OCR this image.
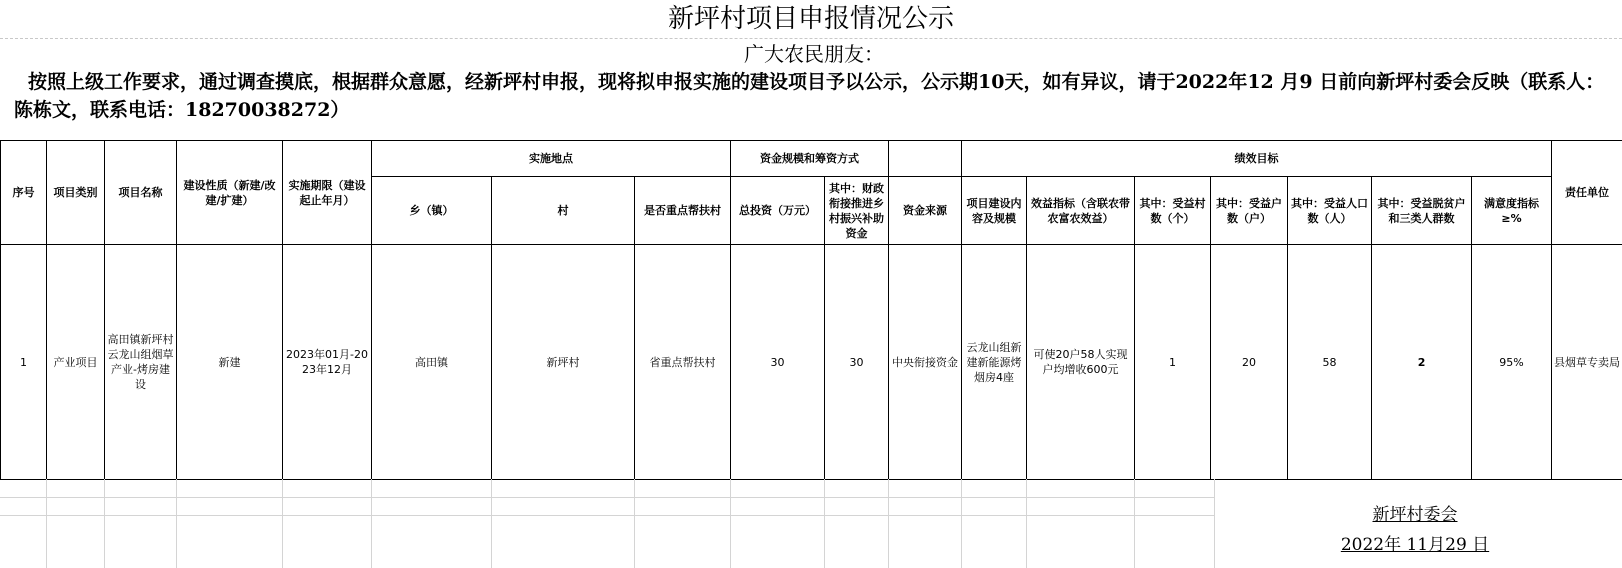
新坪村项目申报情况公示
广大农民朋友：
按照上级工作要求，通过调查摸底，根据群众意愿，经新坪村申报，现将拟申报实施的建设项目予以公示，公示期10天，如有异议，请于2022年12 月9 日前向新坪村委会反映（联系人：陈栋文，联系电话：18270038272）
序号	项目类别	项目名称	建设性质（新建/改建/扩建）	实施期限（建设起止年月）	实施地点			资金规模和筹资方式			绩效目标							责任单位
					乡（镇）	村	是否重点帮扶村	总投资（万元）	其中：财政衔接推进乡村振兴补助资金	资金来源	项目建设内容及规模	效益指标（含联农带农富农效益）	其中：受益村数（个）	其中：受益户数（户）	其中：受益人口数（人）	其中：受益脱贫户和三类人群数	满意度指标≥%	
1	产业项目	高田镇新坪村云龙山组烟草产业-烤房建设	新建	2023年01月-2023年12月	高田镇	新坪村	省重点帮扶村	30	30	中央衔接资金	云龙山组新建新能源烤烟房4座	可使20户58人实现户均增收600元	1	20	58	2	95%	县烟草专卖局
新坪村委会
2022年 11月29 日
